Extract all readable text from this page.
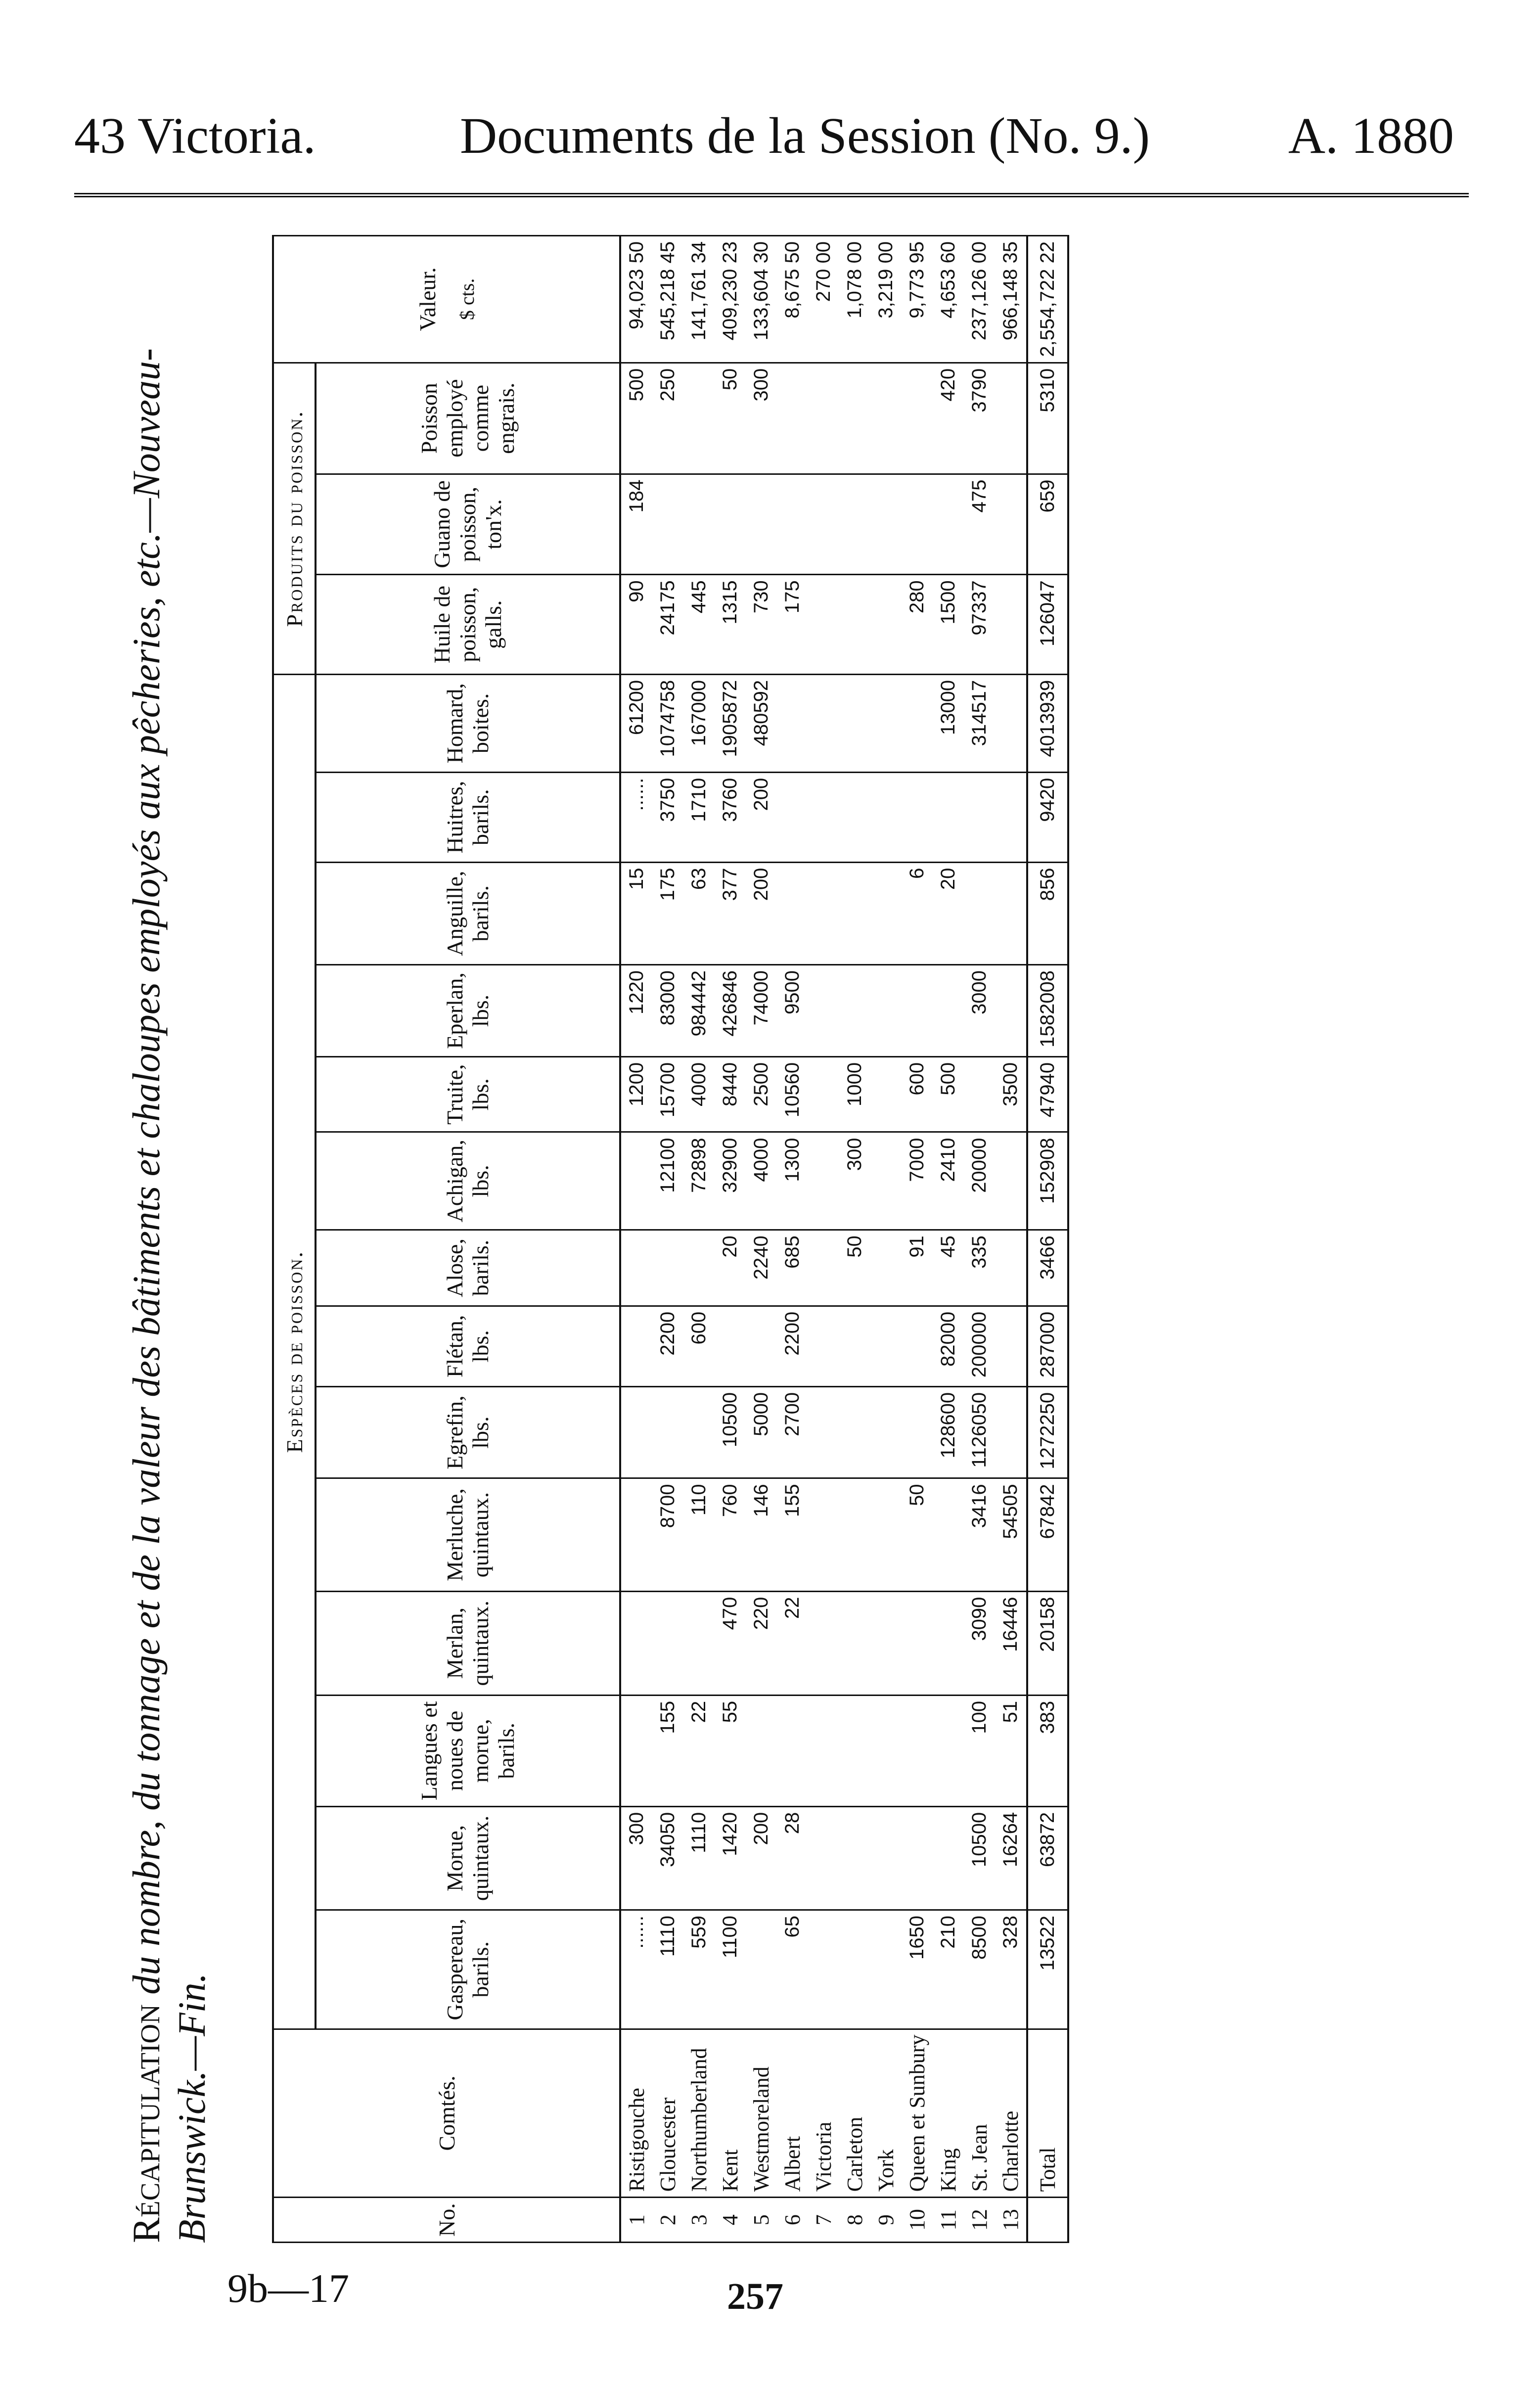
43 Victoria.	Documents de la Session (No. 9.)	A. 1880
Récapitulation du nombre, du tonnage et de la valeur des bâtiments et chaloupes employés aux pêcheries, etc.—Nouveau-Brunswick.—Fin.	No.	Comtés.	Espèces de poisson.														Produits du poisson.			Valeur. $ cts.

		Gaspereau, barils.	Morue, quintaux.	Langues et noues de morue, barils.	Merlan, quintaux.	Merluche, quintaux.	Egrefin, lbs.	Flétan, lbs.	Alose, barils.	Achigan, lbs.	Truite, lbs.	Eperlan, lbs.	Anguille, barils.	Huitres, barils.	Homard, boites.	Huile de poisson, galls.	Guano de poisson, ton'x.	Poisson employé comme engrais.	
1	Ristigouche	......	300								1200	1220	15	......	61200	90	184	500	94,023 50
2	Gloucester	1110	34050	155		8700		2200		12100	15700	83000	175	3750	1074758	24175		250	545,218 45
3	Northumberland	559	1110	22		110		600		72898	4000	984442	63	1710	167000	445			141,761 34
4	Kent	1100	1420	55	470	760	10500		20	32900	8440	426846	377	3760	1905872	1315		50	409,230 23
5	Westmoreland		200		220	146	5000		2240	4000	2500	74000	200	200	480592	730		300	133,604 30
6	Albert	65	28		22	155	2700	2200	685	1300	10560	9500				175			8,675 50
7	Victoria																		270 00
8	Carleton								50	300	1000								1,078 00
9	York																		3,219 00
10	Queen et Sunbury	1650				50			91	7000	600		6			280			9,773 95
11	King	210					128600	82000	45	2410	500		20		13000	1500		420	4,653 60
12	St. Jean	8500	10500	100	3090	3416	1126050	200000	335	20000		3000			314517	97337	475	3790	237,126 00
13	Charlotte	328	16264	51	16446	54505					3500								966,148 35
	Total	13522	63872	383	20158	67842	1272250	287000	3466	152908	47940	1582008	856	9420	4013939	126047	659	5310	2,554,722 22
9b—17	257
